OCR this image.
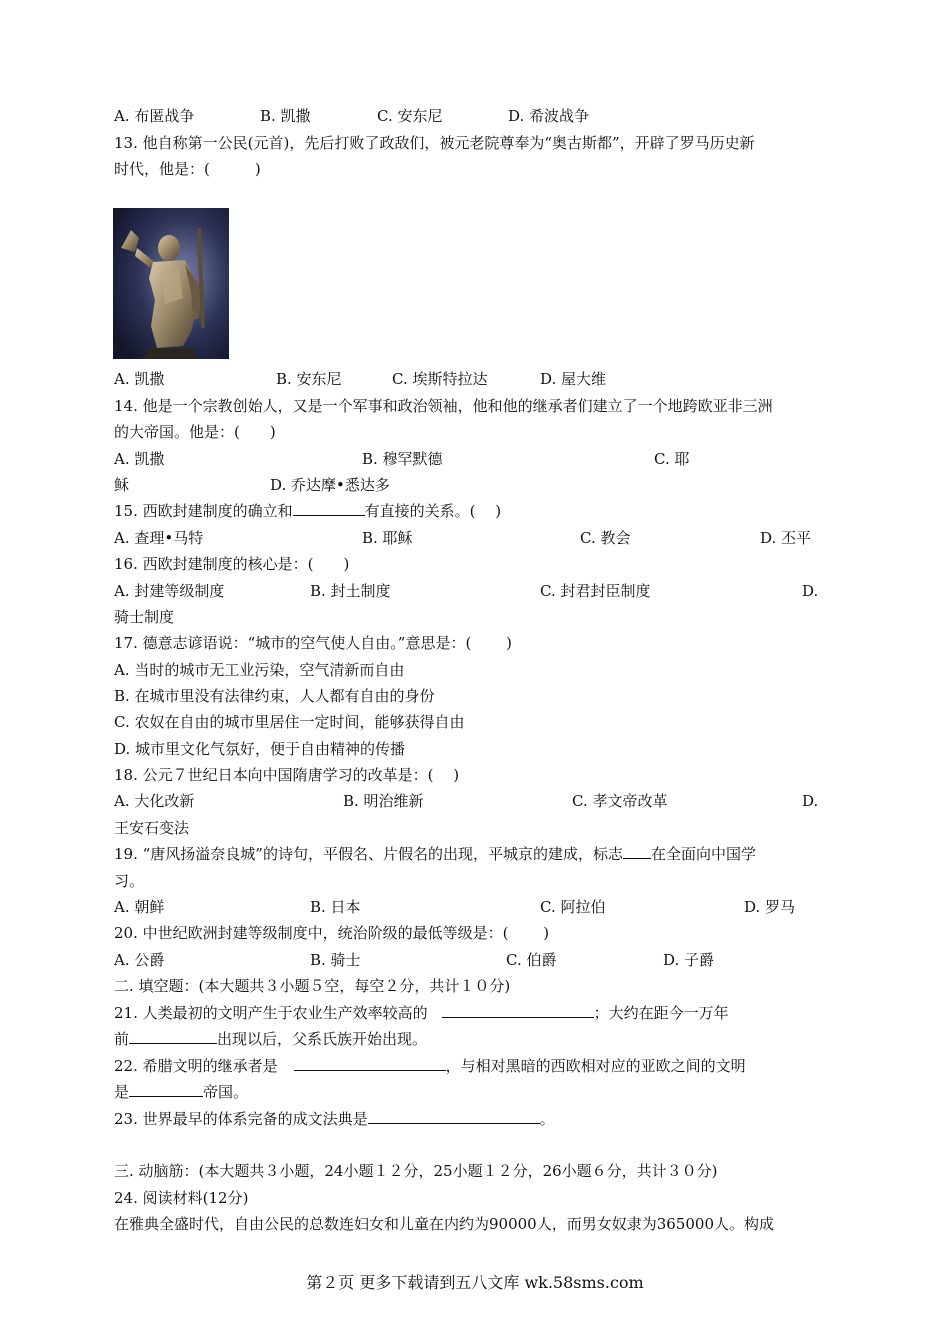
A. 布匿战争	B. 凯撒	C. 安东尼	D. 希波战争
13. 他自称第一公民(元首)，先后打败了政敌们，被元老院尊奉为“奥古斯都”，开辟了罗马历史新
时代，他是：(　　　)
A. 凯撒	B. 安东尼	C. 埃斯特拉达	D. 屋大维
14. 他是一个宗教创始人，又是一个军事和政治领袖，他和他的继承者们建立了一个地跨欧亚非三洲
的大帝国。他是：(　　)
A. 凯撒	B. 穆罕默德	C. 耶
稣	D. 乔达摩•悉达多
15. 西欧封建制度的确立和	有直接的关系。(　 )
A. 查理•马特	B. 耶稣	C. 教会	D. 丕平
16. 西欧封建制度的核心是：(　　)
A. 封建等级制度	B. 封土制度	C. 封君封臣制度	D.
骑士制度
17. 德意志谚语说：“城市的空气使人自由。”意思是：(　　 )
A. 当时的城市无工业污染，空气清新而自由
B. 在城市里没有法律约束，人人都有自由的身份
C. 农奴在自由的城市里居住一定时间，能够获得自由
D. 城市里文化气氛好，便于自由精神的传播
18. 公元７世纪日本向中国隋唐学习的改革是：(　 )
A. 大化改新	B. 明治维新	C. 孝文帝改革	D.
王安石变法
19. “唐风扬溢奈良城”的诗句，平假名、片假名的出现，平城京的建成，标志 在全面向中国学
习。
A. 朝鲜	B. 日本	C. 阿拉伯	D. 罗马
20. 中世纪欧洲封建等级制度中，统治阶级的最低等级是：(　　 )
A. 公爵	B. 骑士	C. 伯爵	D. 子爵
二. 填空题：(本大题共３小题５空，每空２分，共计１０分)
21. 人类最初的文明产生于农业生产效率较高的	；大约在距今一万年
前	出现以后，父系氏族开始出现。
22. 希腊文明的继承者是	，与相对黑暗的西欧相对应的亚欧之间的文明
是	帝国。
23. 世界最早的体系完备的成文法典是	。
三. 动脑筋：(本大题共３小题，24小题１２分，25小题１２分，26小题６分，共计３０分)
24. 阅读材料(12分)
在雅典全盛时代，自由公民的总数连妇女和儿童在内约为90000人，而男女奴隶为365000人。构成
第２页 更多下载请到五八文库 wk.58sms.com
